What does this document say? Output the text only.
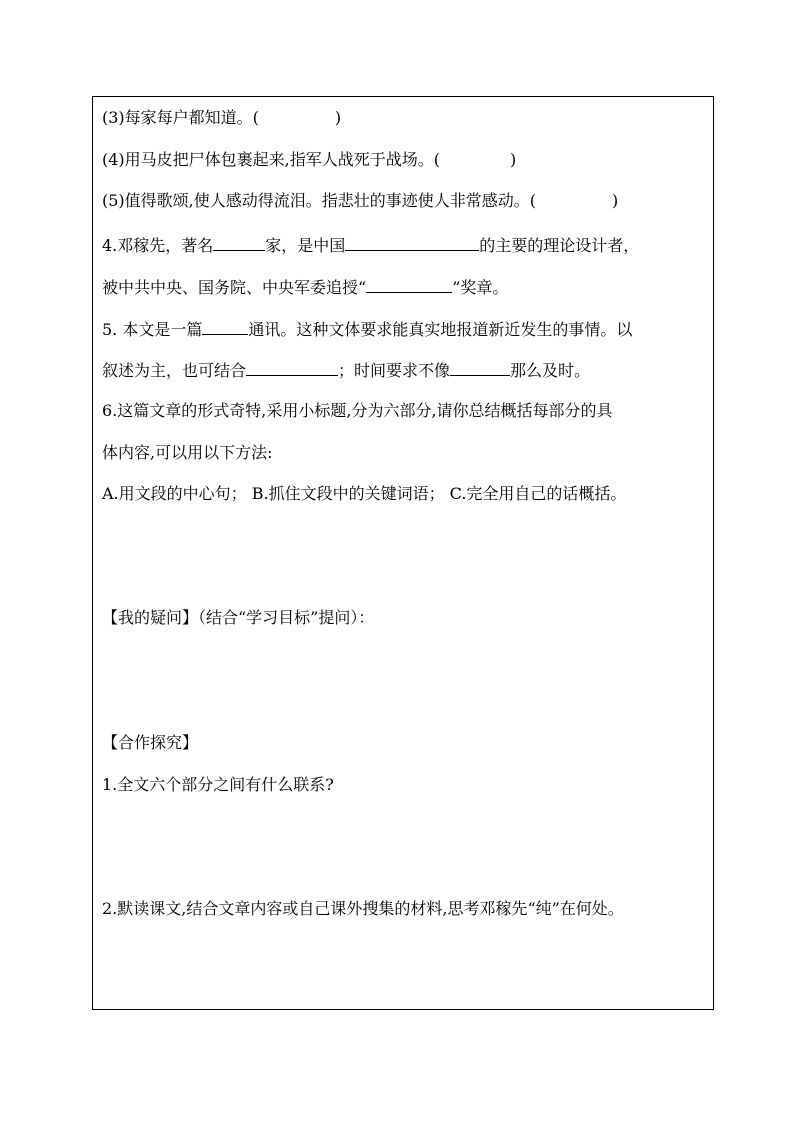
(3)每家每户都知道。(	)
(4)用马皮把尸体包裹起来,指军人战死于战场。(	)
(5)值得歌颂,使人感动得流泪。指悲壮的事迹使人非常感动。(	)
4.邓稼先，著名	家，是中国	的主要的理论设计者，
被中共中央、国务院、中央军委追授“	”奖章。
5. 本文是一篇	通讯。这种文体要求能真实地报道新近发生的事情。以
叙述为主，也可结合	；时间要求不像	那么及时。
6.这篇文章的形式奇特,采用小标题,分为六部分,请你总结概括每部分的具
体内容,可以用以下方法:
A.用文段的中心句； B.抓住文段中的关键词语； C.完全用自己的话概括。
【我的疑问】（结合“学习目标”提问）：
【合作探究】
1.全文六个部分之间有什么联系?
2.默读课文,结合文章内容或自己课外搜集的材料,思考邓稼先“纯”在何处。
